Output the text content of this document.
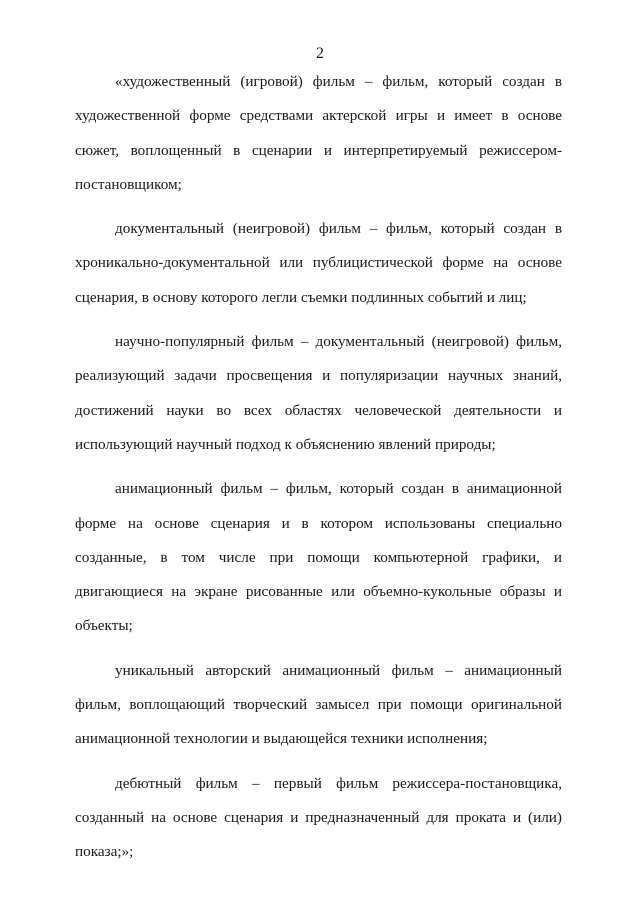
2

«художественный (игровой) фильм – фильм, который создан в художественной форме средствами актерской игры и имеет в основе сюжет, воплощенный в сценарии и интерпретируемый режиссером-постановщиком;

документальный (неигровой) фильм – фильм, который создан в хроникально-документальной или публицистической форме на основе сценария, в основу которого легли съемки подлинных событий и лиц;

научно-популярный фильм – документальный (неигровой) фильм, реализующий задачи просвещения и популяризации научных знаний, достижений науки во всех областях человеческой деятельности и использующий научный подход к объяснению явлений природы;

анимационный фильм – фильм, который создан в анимационной форме на основе сценария и в котором использованы специально созданные, в том числе при помощи компьютерной графики, и двигающиеся на экране рисованные или объемно-кукольные образы и объекты;

уникальный авторский анимационный фильм – анимационный фильм, воплощающий творческий замысел при помощи оригинальной анимационной технологии и выдающейся техники исполнения;

дебютный фильм – первый фильм режиссера-постановщика, созданный на основе сценария и предназначенный для проката и (или) показа;»;
